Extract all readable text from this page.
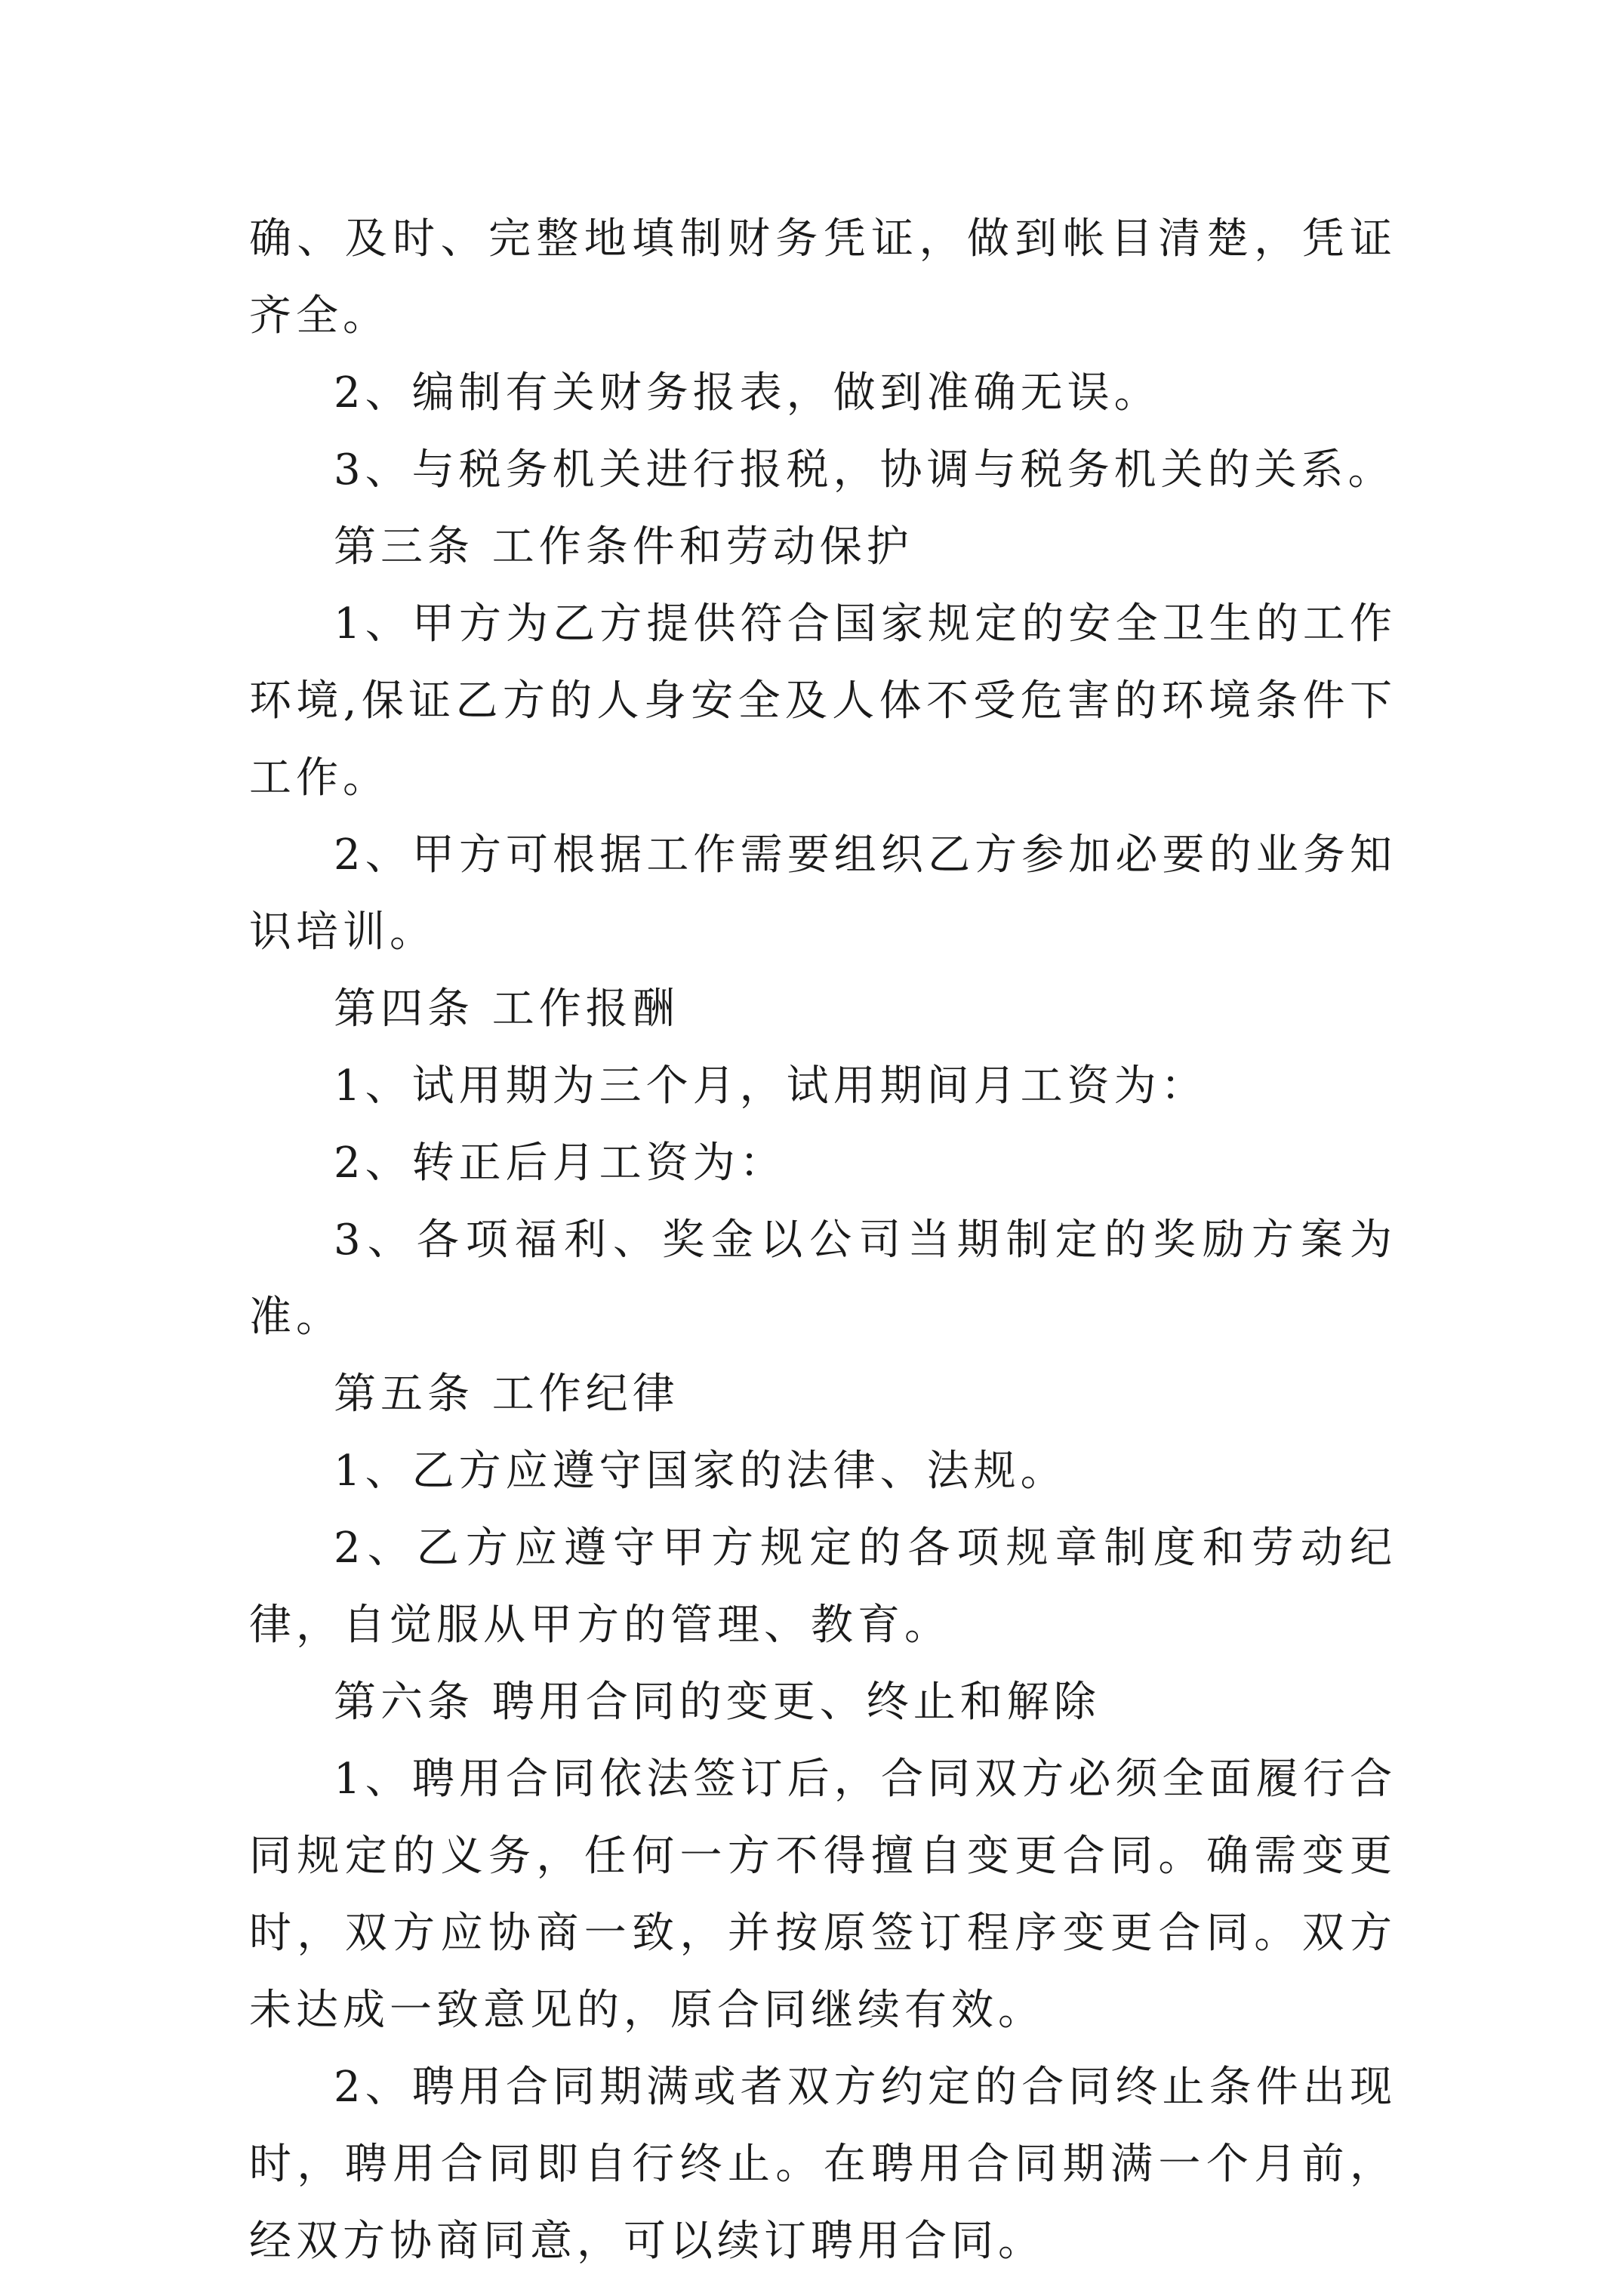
确、及时、完整地填制财务凭证，做到帐目清楚，凭证齐全。

2、编制有关财务报表，做到准确无误。

3、与税务机关进行报税，协调与税务机关的关系。

第三条 工作条件和劳动保护

1、甲方为乙方提供符合国家规定的安全卫生的工作环境,保证乙方的人身安全及人体不受危害的环境条件下工作。

2、甲方可根据工作需要组织乙方参加必要的业务知识培训。

第四条 工作报酬

1、试用期为三个月，试用期间月工资为：

2、转正后月工资为：

3、各项福利、奖金以公司当期制定的奖励方案为准。

第五条 工作纪律

1、乙方应遵守国家的法律、法规。

2、乙方应遵守甲方规定的各项规章制度和劳动纪律，自觉服从甲方的管理、教育。

第六条 聘用合同的变更、终止和解除

1、聘用合同依法签订后，合同双方必须全面履行合同规定的义务，任何一方不得擅自变更合同。确需变更时，双方应协商一致，并按原签订程序变更合同。双方未达成一致意见的，原合同继续有效。

2、聘用合同期满或者双方约定的合同终止条件出现时，聘用合同即自行终止。在聘用合同期满一个月前，经双方协商同意，可以续订聘用合同。
